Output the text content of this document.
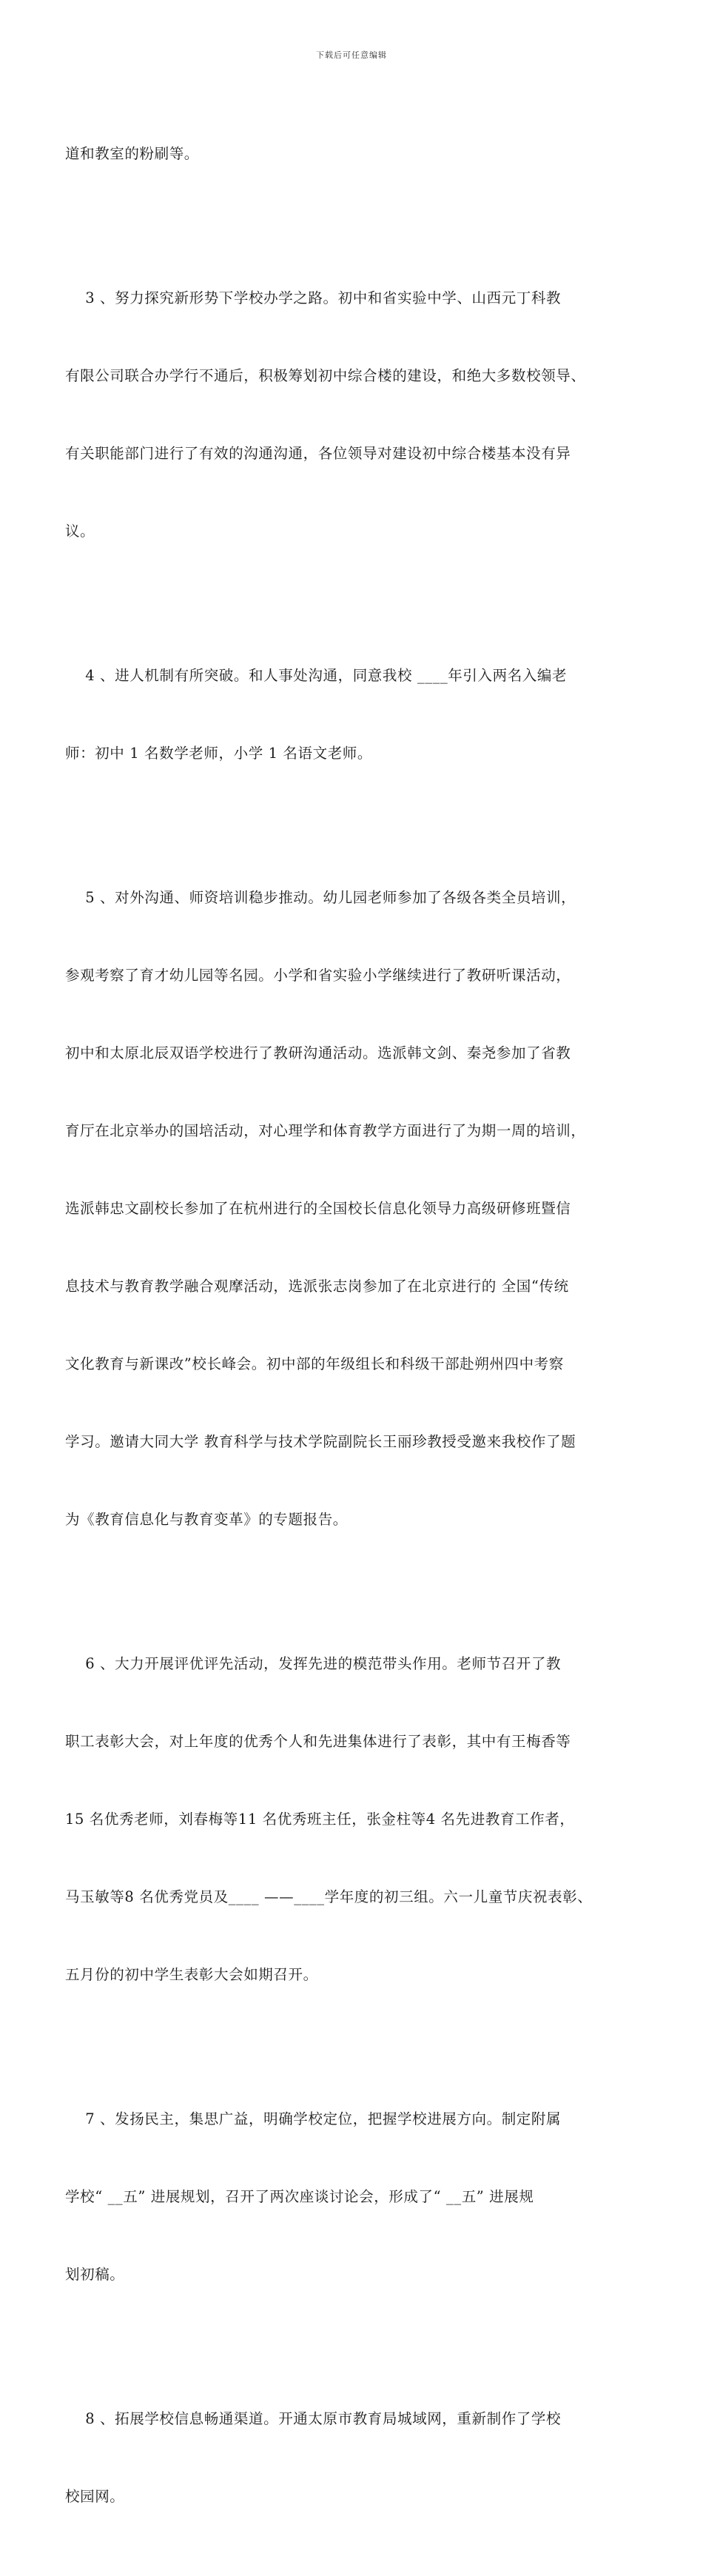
下载后可任意编辑

道和教室的粉刷等。

3 、努力探究新形势下学校办学之路。初中和省实验中学、山西元丁科教

有限公司联合办学行不通后，积极筹划初中综合楼的建设，和绝大多数校领导、

有关职能部门进行了有效的沟通沟通，各位领导对建设初中综合楼基本没有异

议。

4 、进人机制有所突破。和人事处沟通，同意我校 ____年引入两名入编老

师：初中 1 名数学老师，小学 1 名语文老师。

5 、对外沟通、师资培训稳步推动。幼儿园老师参加了各级各类全员培训，

参观考察了育才幼儿园等名园。小学和省实验小学继续进行了教研听课活动，

初中和太原北辰双语学校进行了教研沟通活动。选派韩文剑、秦尧参加了省教

育厅在北京举办的国培活动，对心理学和体育教学方面进行了为期一周的培训，

选派韩忠文副校长参加了在杭州进行的全国校长信息化领导力高级研修班暨信

息技术与教育教学融合观摩活动，选派张志岗参加了在北京进行的 全国“传统

文化教育与新课改”校长峰会。初中部的年级组长和科级干部赴朔州四中考察

学习。邀请大同大学 教育科学与技术学院副院长王丽珍教授受邀来我校作了题

为《教育信息化与教育变革》的专题报告。

6 、大力开展评优评先活动，发挥先进的模范带头作用。老师节召开了教

职工表彰大会，对上年度的优秀个人和先进集体进行了表彰，其中有王梅香等

15 名优秀老师，刘春梅等11 名优秀班主任，张金柱等4 名先进教育工作者，

马玉敏等8 名优秀党员及____ ——____学年度的初三组。六一儿童节庆祝表彰、

五月份的初中学生表彰大会如期召开。

7 、发扬民主，集思广益，明确学校定位，把握学校进展方向。制定附属

学校“ __五” 进展规划，召开了两次座谈讨论会，形成了“ __五” 进展规

划初稿。

8 、拓展学校信息畅通渠道。开通太原市教育局城域网，重新制作了学校

校园网。
